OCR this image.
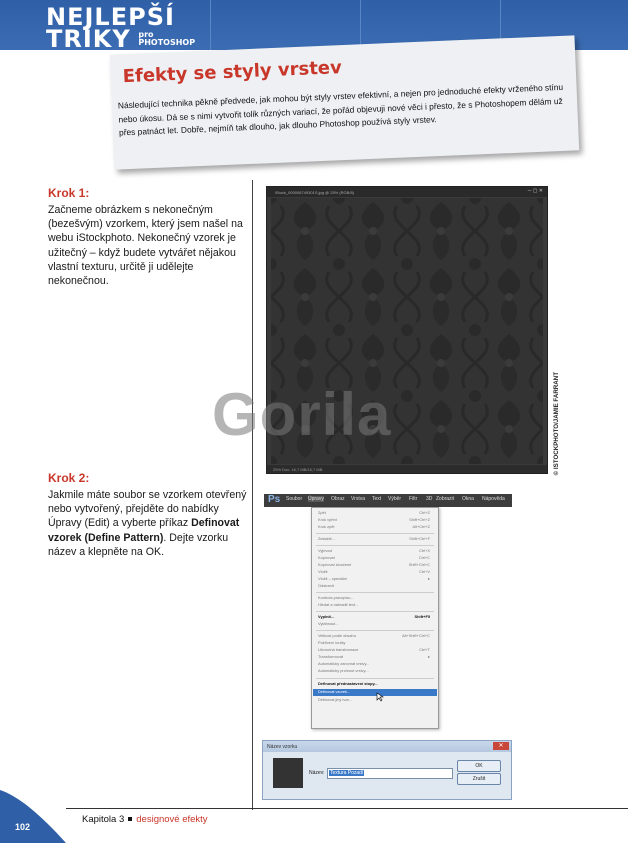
NEJLEPŠÍ
TRIKY pro
PHOTOSHOP
Efekty se styly vrstev
Následující technika pěkně předvede, jak mohou být styly vrstev efektivní, a nejen pro jednoduché efekty vrženého stínu nebo úkosu. Dá se s nimi vytvořit tolik různých variací, že pořád objevuji nové věci i přesto, že s Photoshopem dělám už přes patnáct let. Dobře, nejmíň tak dlouho, jak dlouho Photoshop používá styly vrstev.
Krok 1:
Začneme obrázkem s nekonečným (bezešvým) vzorkem, který jsem našel na webu iStockphoto. Nekonečný vzorek je užitečný – když budete vytvářet nějakou vlastní texturu, určitě ji udělejte nekonečnou.
Krok 2:
Jakmile máte soubor se vzorkem otevřený nebo vytvořený, přejděte do nabídky Úpravy (Edit) a vyberte příkaz Definovat vzorek (Define Pattern). Dejte vzorku název a klepněte na OK.
iStock_000006749301S.jpg @ 25% (RGB/8)	─ ▢ ✕
25% Doc: 16,7 MB/16,7 MB	© ISTOCKPHOTO/JAMIE FARRANT
Gorila
Ps Soubor Úpravy Obraz Vrstva Text Výběr Filtr 3D Zobrazit Okna Nápověda
Zpět	Ctrl+Z
Krok vpřed	Shift+Ctrl+Z
Krok zpět	Alt+Ctrl+Z
Zeslabit...	Shift+Ctrl+F
Vyjmout	Ctrl+X
Kopírovat	Ctrl+C
Kopírovat sloučené	Shift+Ctrl+C
Vložit	Ctrl+V
Vložit – speciální	▸
Odstranit
Kontrola pravopisu...
Hledat a nahradit text...
Vyplnit...	Shift+F5
Vytáhnout...
Velikost podle obsahu	Alt+Shift+Ctrl+C
Pokřivení loutky
Libovolná transformace	Ctrl+T
Transformovat	▸
Automaticky zarovnat vrstvy...
Automaticky prolnout vrstvy...
Definovat přednastavení stopy...
Definovat vzorek...
Definovat jiný tvar...
Název vzorku	✕
Název:	Textura Pozadí
OK
Zrušit
102
Kapitola 3 designové efekty
